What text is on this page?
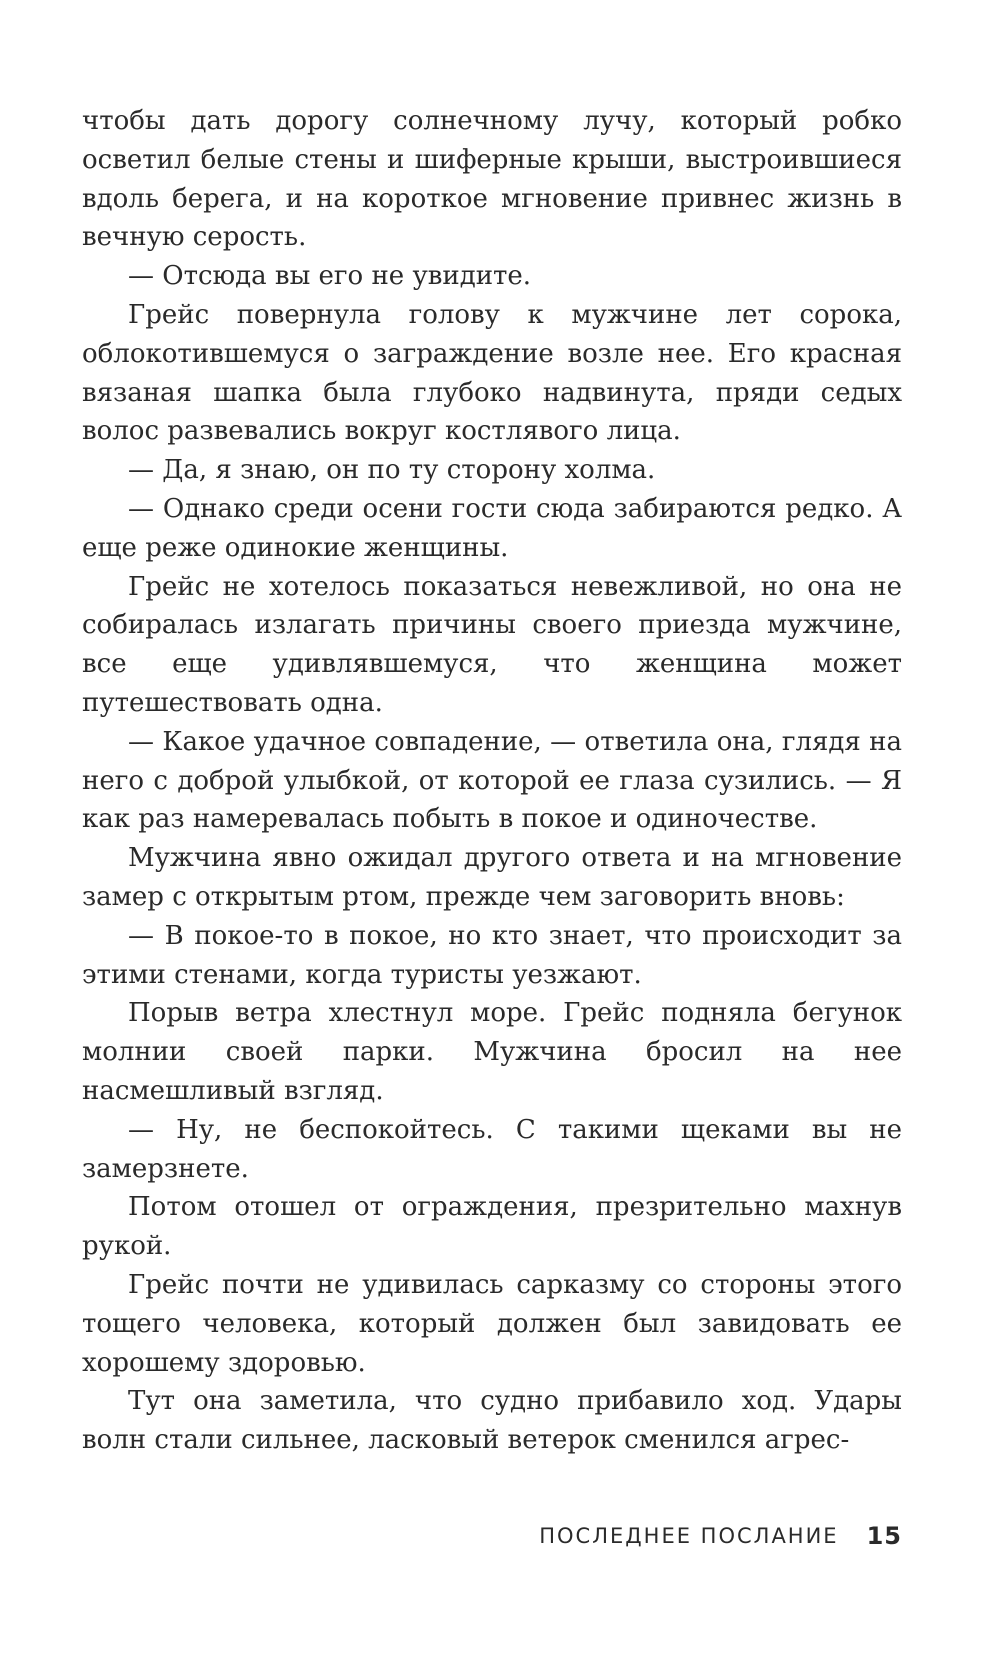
чтобы дать дорогу солнечному лучу, который робко осветил белые стены и шиферные крыши, выстроившиеся вдоль берега, и на короткое мгновение привнес жизнь в вечную серость.

— Отсюда вы его не увидите.

Грейс повернула голову к мужчине лет сорока, облокотившемуся о заграждение возле нее. Его красная вязаная шапка была глубоко надвинута, пряди седых волос развевались вокруг костлявого лица.

— Да, я знаю, он по ту сторону холма.

— Однако среди осени гости сюда забираются редко. А еще реже одинокие женщины.

Грейс не хотелось показаться невежливой, но она не собиралась излагать причины своего приезда мужчине, все еще удивлявшемуся, что женщина может путешествовать одна.

— Какое удачное совпадение, — ответила она, глядя на него с доброй улыбкой, от которой ее глаза сузились. — Я как раз намеревалась побыть в покое и одиночестве.

Мужчина явно ожидал другого ответа и на мгновение замер с открытым ртом, прежде чем заговорить вновь:

— В покое-то в покое, но кто знает, что происходит за этими стенами, когда туристы уезжают.

Порыв ветра хлестнул море. Грейс подняла бегунок молнии своей парки. Мужчина бросил на нее насмешливый взгляд.

— Ну, не беспокойтесь. С такими щеками вы не замерзнете.

Потом отошел от ограждения, презрительно махнув рукой.

Грейс почти не удивилась сарказму со стороны этого тощего человека, который должен был завидовать ее хорошему здоровью.

Тут она заметила, что судно прибавило ход. Удары волн стали сильнее, ласковый ветерок сменился агрес-

ПОСЛЕДНЕЕ ПОСЛАНИЕ 15
